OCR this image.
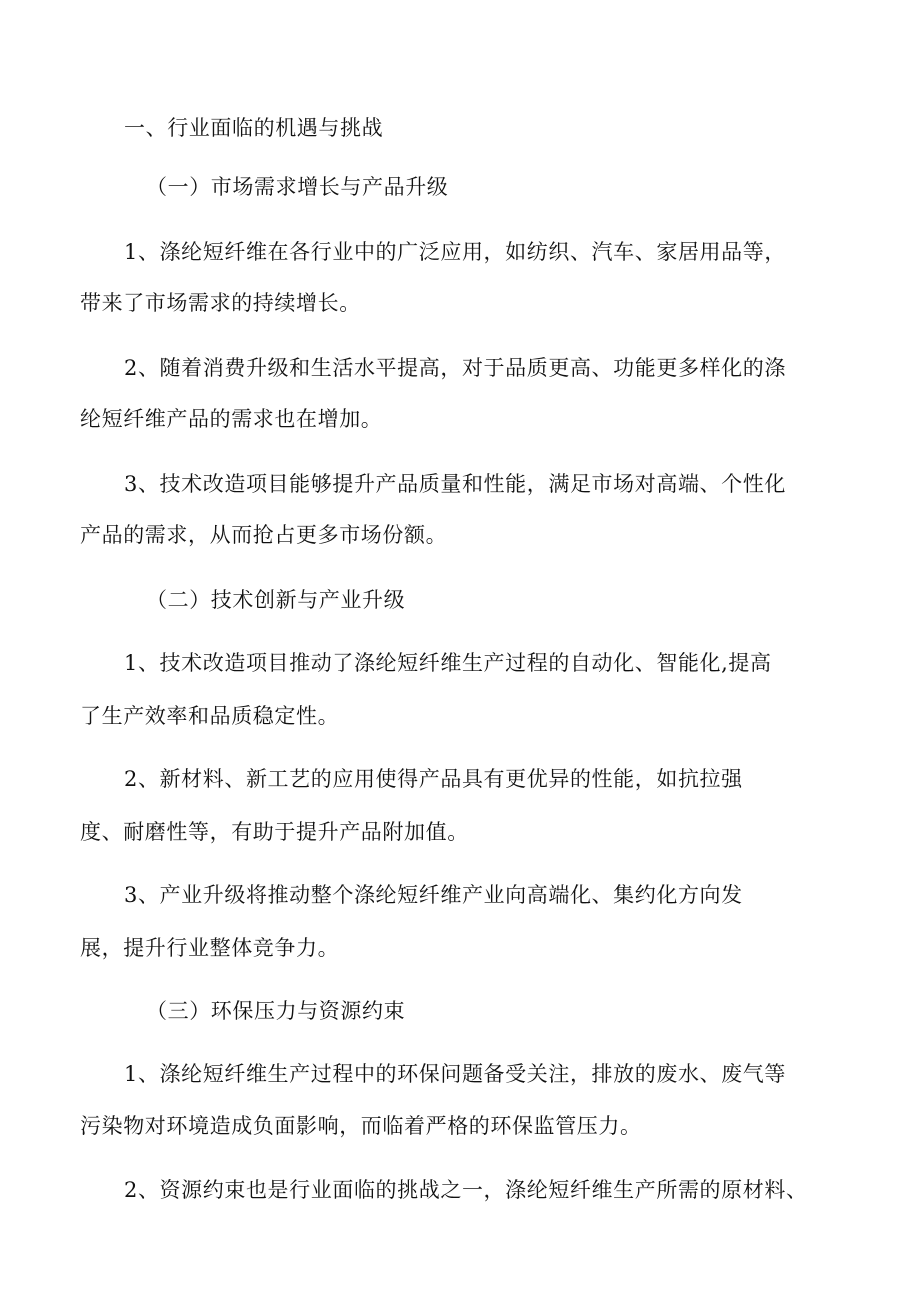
一、行业面临的机遇与挑战
（一）市场需求增长与产品升级
1、涤纶短纤维在各行业中的广泛应用，如纺织、汽车、家居用品等，
带来了市场需求的持续增长。
2、随着消费升级和生活水平提高，对于品质更高、功能更多样化的涤
纶短纤维产品的需求也在增加。
3、技术改造项目能够提升产品质量和性能，满足市场对高端、个性化
产品的需求，从而抢占更多市场份额。
（二）技术创新与产业升级
1、技术改造项目推动了涤纶短纤维生产过程的自动化、智能化,提高
了生产效率和品质稳定性。
2、新材料、新工艺的应用使得产品具有更优异的性能，如抗拉强
度、耐磨性等，有助于提升产品附加值。
3、产业升级将推动整个涤纶短纤维产业向高端化、集约化方向发
展，提升行业整体竞争力。
（三）环保压力与资源约束
1、涤纶短纤维生产过程中的环保问题备受关注，排放的废水、废气等
污染物对环境造成负面影响，而临着严格的环保监管压力。
2、资源约束也是行业面临的挑战之一，涤纶短纤维生产所需的原材料、
